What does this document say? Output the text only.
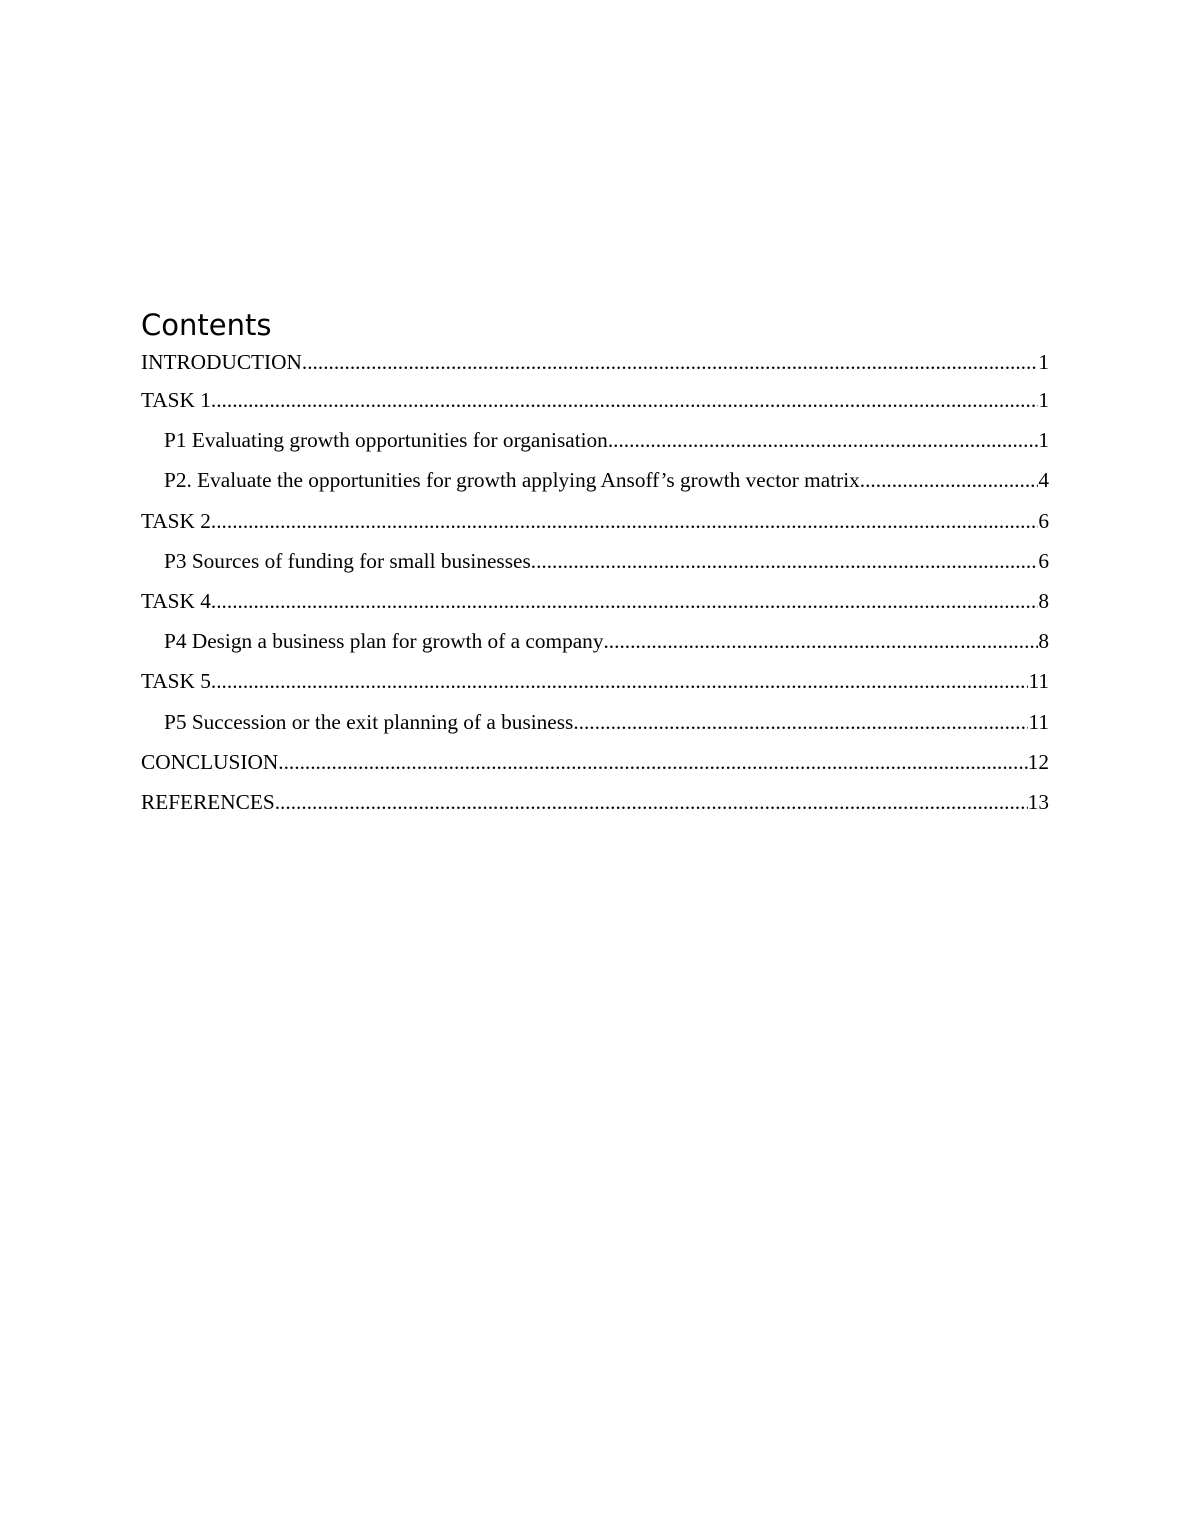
Contents
INTRODUCTION .....	1
TASK 1 .....	1
P1 Evaluating growth opportunities for organisation .....	1
P2. Evaluate the opportunities for growth applying Ansoff’s growth vector matrix .....	4
TASK 2 .....	6
P3 Sources of funding for small businesses .....	6
TASK 4 .....	8
P4 Design a business plan for growth of a company .....	8
TASK 5 .....	11
P5 Succession or the exit planning of a business .....	11
CONCLUSION .....	12
REFERENCES .....	13
